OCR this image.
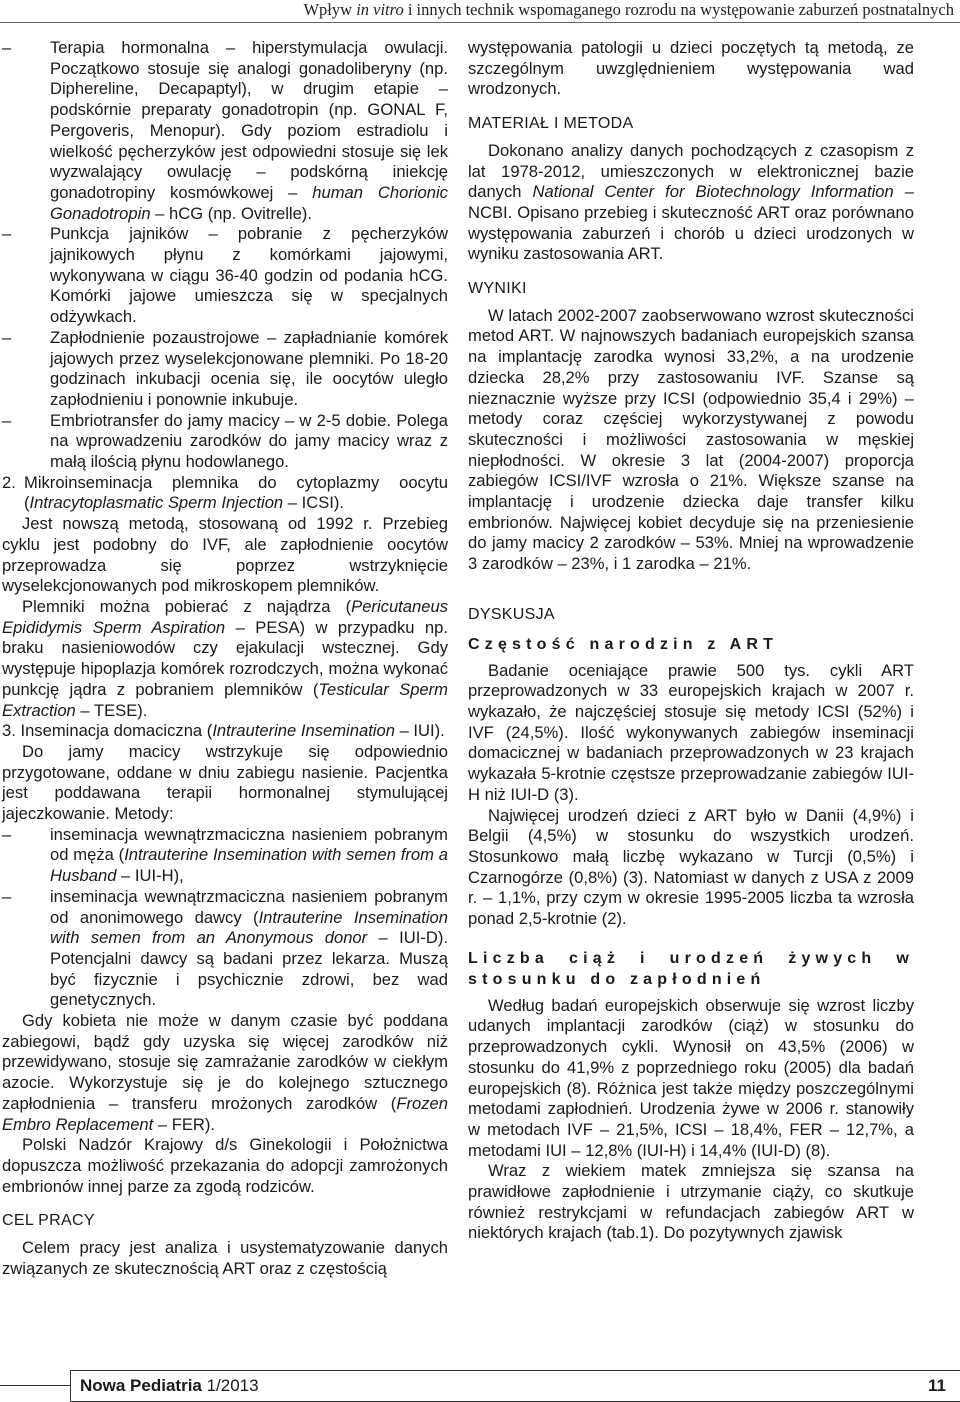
Wpływ in vitro i innych technik wspomaganego rozrodu na występowanie zaburzeń postnatalnych
– Terapia hormonalna – hiperstymulacja owulacji. Początkowo stosuje się analogi gonadoliberyny (np. Diphereline, Decapaptyl), w drugim etapie – podskórnie preparaty gonadotropin (np. GONAL F, Pergoveris, Menopur). Gdy poziom estradiolu i wielkość pęcherzyków jest odpowiedni stosuje się lek wyzwalający owulację – podskórną iniekcję gonadotropiny kosmówkowej – human Chorionic Gonadotropin – hCG (np. Ovitrelle).
– Punkcja jajników – pobranie z pęcherzyków jajnikowych płynu z komórkami jajowymi, wykonywana w ciągu 36-40 godzin od podania hCG. Komórki jajowe umieszcza się w specjalnych odżywkach.
– Zapłodnienie pozaustrojowe – zapładnianie komórek jajowych przez wyselekcjonowane plemniki. Po 18-20 godzinach inkubacji ocenia się, ile oocytów uległo zapłodnieniu i ponownie inkubuje.
– Embriotransfer do jamy macicy – w 2-5 dobie. Polega na wprowadzeniu zarodków do jamy macicy wraz z małą ilością płynu hodowlanego.
2. Mikroinseminacja plemnika do cytoplazmy oocytu (Intracytoplasmatic Sperm Injection – ICSI).

Jest nowszą metodą, stosowaną od 1992 r. Przebieg cyklu jest podobny do IVF, ale zapłodnienie oocytów przeprowadza się poprzez wstrzyknięcie wyselekcjonowanych pod mikroskopem plemników.

Plemniki można pobierać z najądrza (Pericutaneus Epididymis Sperm Aspiration – PESA) w przypadku np. braku nasieniowodów czy ejakulacji wstecznej. Gdy występuje hipoplazja komórek rozrodczych, można wykonać punkcję jądra z pobraniem plemników (Testicular Sperm Extraction – TESE).

3. Inseminacja domaciczna (Intrauterine Insemination – IUI).

Do jamy macicy wstrzykuje się odpowiednio przygotowane, oddane w dniu zabiegu nasienie. Pacjentka jest poddawana terapii hormonalnej stymulującej jajeczkowanie. Metody:

– inseminacja wewnątrzmaciczna nasieniem pobranym od męża (Intrauterine Insemination with semen from a Husband – IUI-H),
– inseminacja wewnątrzmaciczna nasieniem pobranym od anonimowego dawcy (Intrauterine Insemination with semen from an Anonymous donor – IUI-D). Potencjalni dawcy są badani przez lekarza. Muszą być fizycznie i psychicznie zdrowi, bez wad genetycznych.

Gdy kobieta nie może w danym czasie być poddana zabiegowi, bądź gdy uzyska się więcej zarodków niż przewidywano, stosuje się zamrażanie zarodków w ciekłym azocie. Wykorzystuje się je do kolejnego sztucznego zapłodnienia – transferu mrożonych zarodków (Frozen Embro Replacement – FER).

Polski Nadzór Krajowy d/s Ginekologii i Położnictwa dopuszcza możliwość przekazania do adopcji zamrożonych embrionów innej parze za zgodą rodziców.

CEL PRACY

Celem pracy jest analiza i usystematyzowanie danych związanych ze skutecznością ART oraz z częstością

występowania patologii u dzieci poczętych tą metodą, ze szczególnym uwzględnieniem występowania wad wrodzonych.

MATERIAŁ I METODA

Dokonano analizy danych pochodzących z czasopism z lat 1978-2012, umieszczonych w elektronicznej bazie danych National Center for Biotechnology Information – NCBI. Opisano przebieg i skuteczność ART oraz porównano występowania zaburzeń i chorób u dzieci urodzonych w wyniku zastosowania ART.

WYNIKI

W latach 2002-2007 zaobserwowano wzrost skuteczności metod ART. W najnowszych badaniach europejskich szansa na implantację zarodka wynosi 33,2%, a na urodzenie dziecka 28,2% przy zastosowaniu IVF. Szanse są nieznacznie wyższe przy ICSI (odpowiednio 35,4 i 29%) – metody coraz częściej wykorzystywanej z powodu skuteczności i możliwości zastosowania w męskiej niepłodności. W okresie 3 lat (2004-2007) proporcja zabiegów ICSI/IVF wzrosła o 21%. Większe szanse na implantację i urodzenie dziecka daje transfer kilku embrionów. Najwięcej kobiet decyduje się na przeniesienie do jamy macicy 2 zarodków – 53%. Mniej na wprowadzenie 3 zarodków – 23%, i 1 zarodka – 21%.

DYSKUSJA

Częstość narodzin z ART

Badanie oceniające prawie 500 tys. cykli ART przeprowadzonych w 33 europejskich krajach w 2007 r. wykazało, że najczęściej stosuje się metody ICSI (52%) i IVF (24,5%). Ilość wykonywanych zabiegów inseminacji domacicznej w badaniach przeprowadzonych w 23 krajach wykazała 5-krotnie częstsze przeprowadzanie zabiegów IUI-H niż IUI-D (3).

Najwięcej urodzeń dzieci z ART było w Danii (4,9%) i Belgii (4,5%) w stosunku do wszystkich urodzeń. Stosunkowo małą liczbę wykazano w Turcji (0,5%) i Czarnogórze (0,8%) (3). Natomiast w danych z USA z 2009 r. – 1,1%, przy czym w okresie 1995-2005 liczba ta wzrosła ponad 2,5-krotnie (2).

Liczba ciąż i urodzeń żywych w stosunku do zapłodnień

Według badań europejskich obserwuje się wzrost liczby udanych implantacji zarodków (ciąż) w stosunku do przeprowadzonych cykli. Wynosił on 43,5% (2006) w stosunku do 41,9% z poprzedniego roku (2005) dla badań europejskich (8). Różnica jest także między poszczególnymi metodami zapłodnień. Urodzenia żywe w 2006 r. stanowiły w metodach IVF – 21,5%, ICSI – 18,4%, FER – 12,7%, a metodami IUI – 12,8% (IUI-H) i 14,4% (IUI-D) (8).

Wraz z wiekiem matek zmniejsza się szansa na prawidłowe zapłodnienie i utrzymanie ciąży, co skutkuje również restrykcjami w refundacjach zabiegów ART w niektórych krajach (tab.1). Do pozytywnych zjawisk

Nowa Pediatria 1/2013	11
